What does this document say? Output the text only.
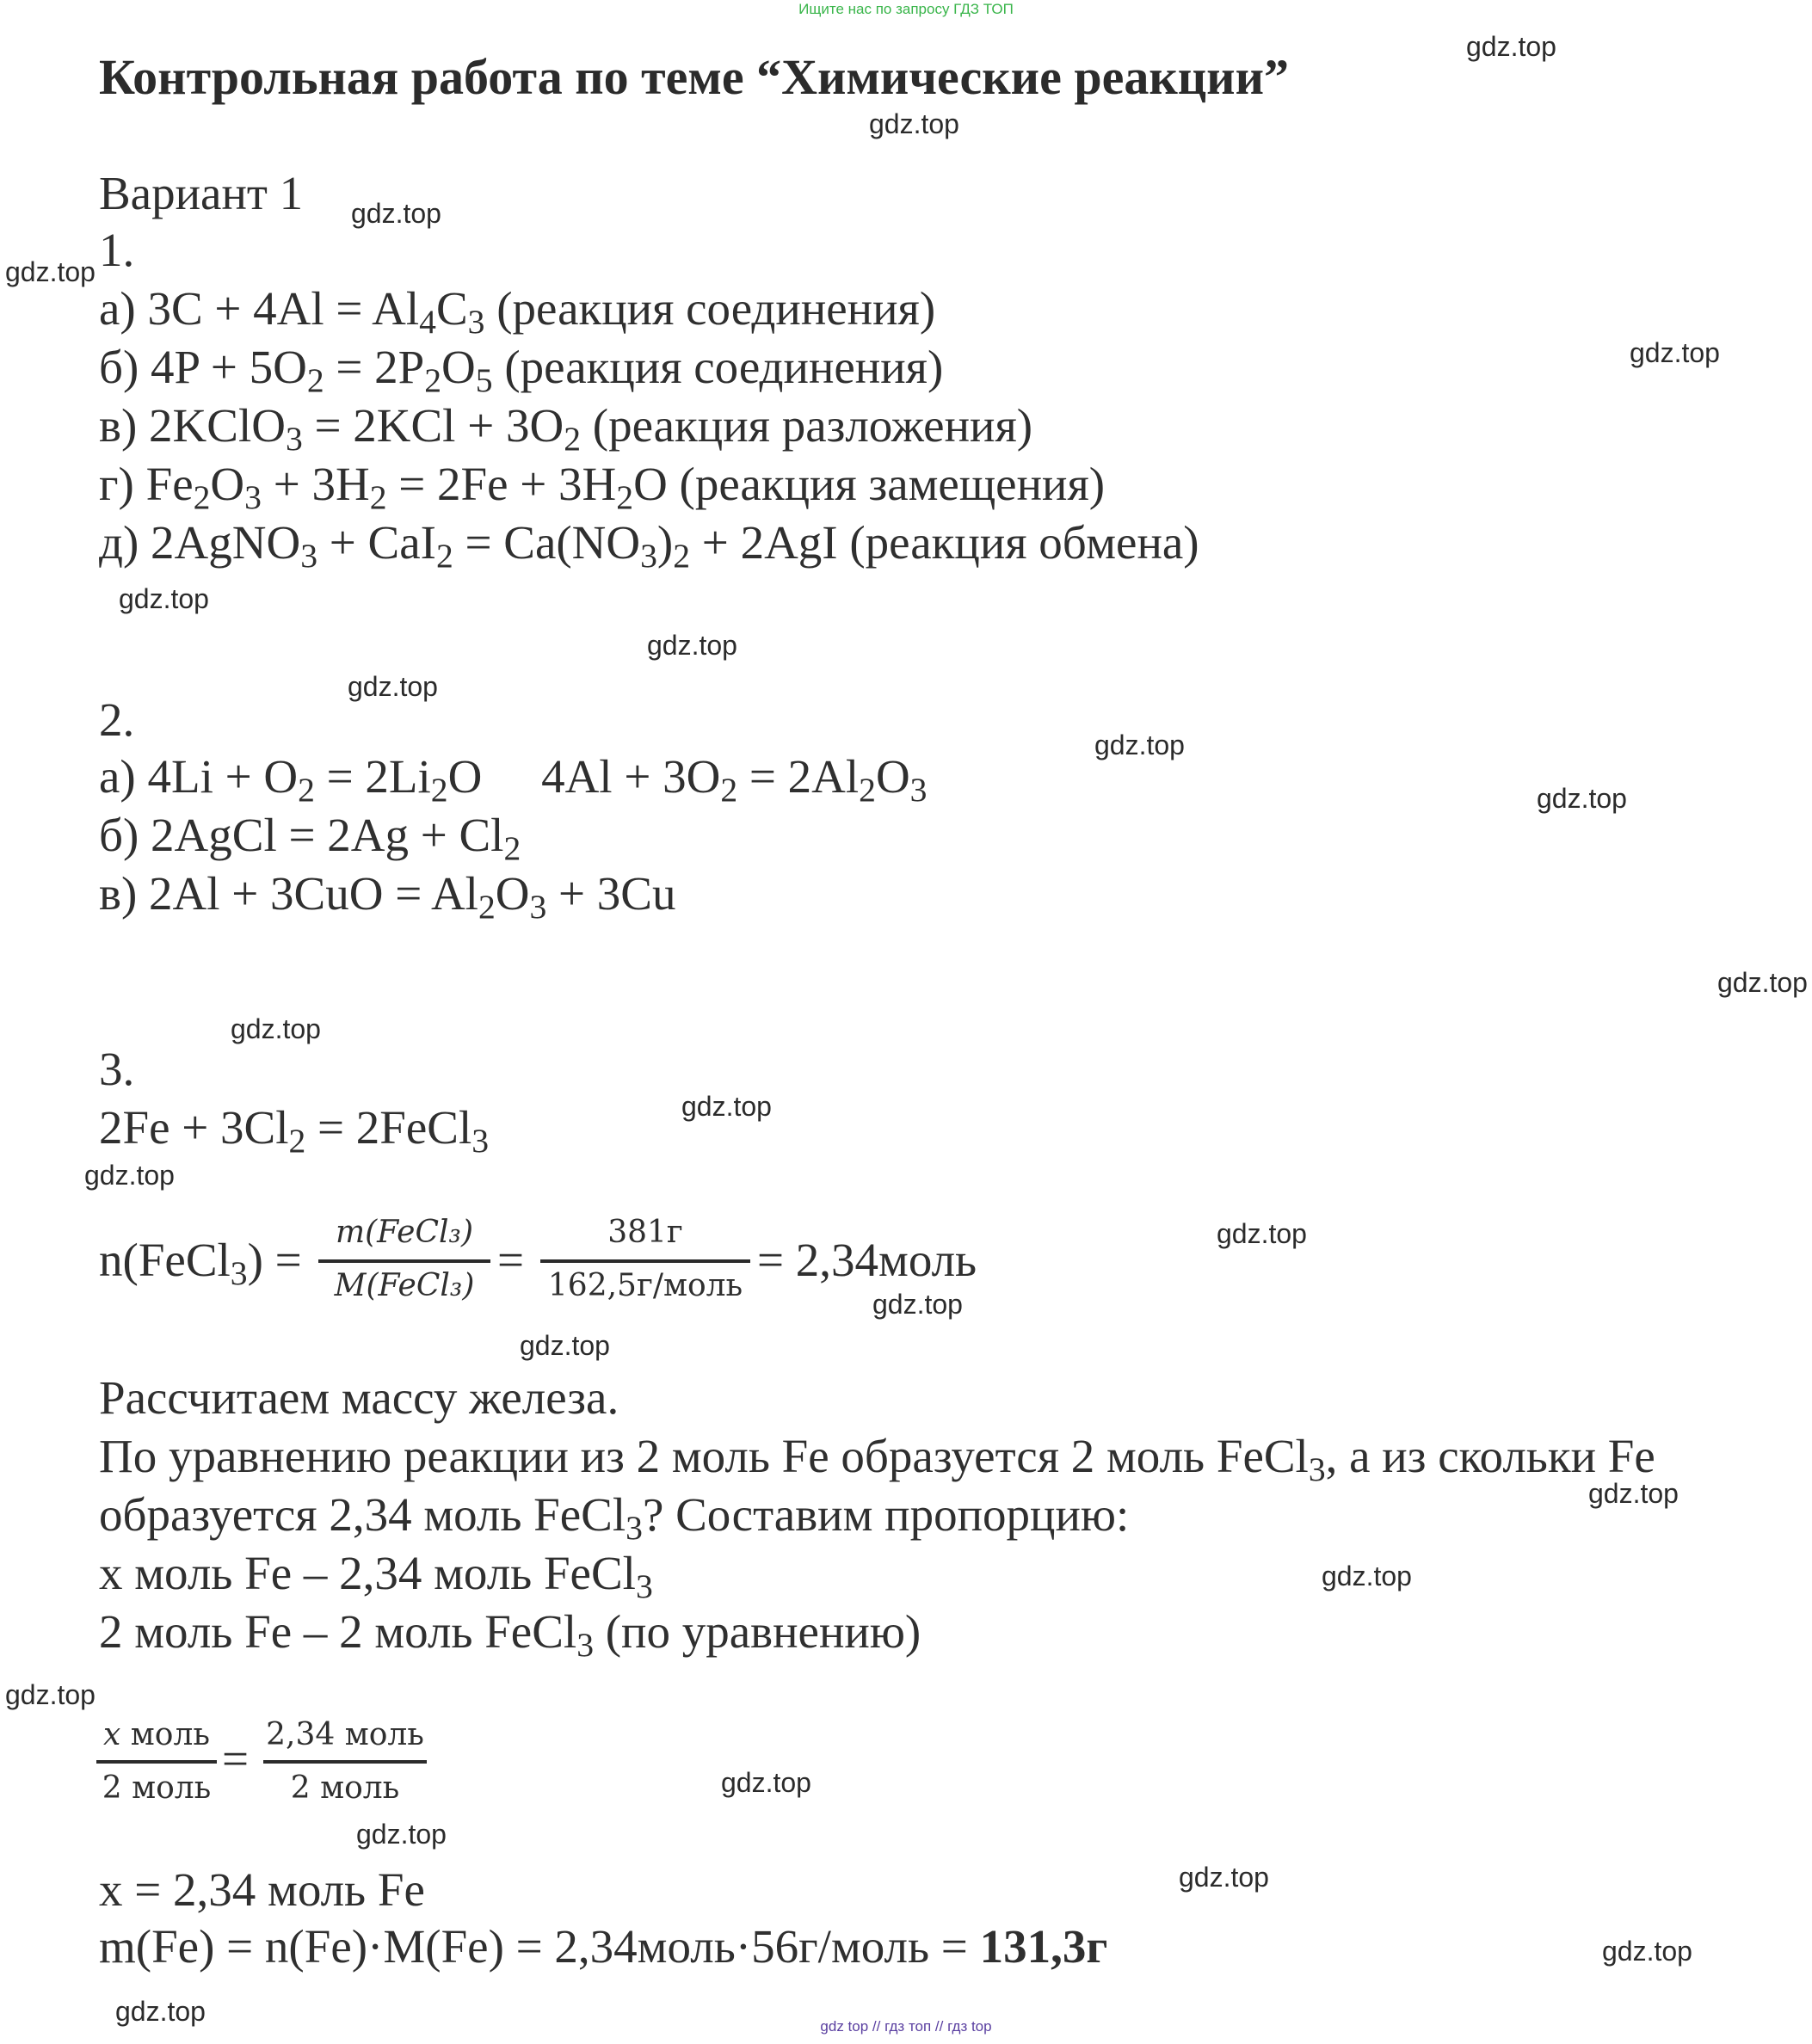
Ищите нас по запросу ГДЗ ТОП
Контрольная работа по теме “Химические реакции”
Вариант 1
1.
а) $3C + 4Al = Al_4C_3$ (реакция соединения)
б) $4P + 5O_2 = 2P_2O_5$ (реакция соединения)
в) 2KClO$_3$ = $2KCl + 3O_2$ (реакция разложения)
г) $Fe_2O_3 + 3H_2 = 2Fe + 3H_2O$ (реакция замещения)
д) 2AgNO$_3$ + $CaI_2 = Ca(NO_3)_2 + 2AgI$ (реакция обмена)
2.
а) $4Li + O_2 = 2Li_2O$     $4Al + 3O_2 = 2Al_2O_3$
б) 2AgCl = $2Ag + Cl_2$
в) $2Al + 3CuO = Al_2O_3 + 3Cu$
3.
$2Fe + 3Cl_2$ = 2FeCl$_3$
n(FeCl$_3$) =
m(FeCl₃)
M(FeCl₃) =
381г
162,5г/моль = 2,34моль
Рассчитаем массу железа.
По уравнению реакции из 2 моль Fe образуется 2 моль FeCl$_3$, а из скольки Fe
образуется 2,34 моль FeCl$_3$? Составим пропорцию:
x моль Fe – 2,34 моль FeCl$_3$
2 моль Fe – 2 моль FeCl$_3$ (по уравнению)
x моль
2 моль
= 2,34 моль
2 моль
x = 2,34 моль Fe
m(Fe) = n(Fe)·M(Fe) = 2,34моль·56г/моль = 131,3г
gdz.top
gdz.top
gdz.top
gdz.top
gdz.top
gdz.top
gdz.top
gdz.top
gdz.top
gdz.top
gdz.top
gdz.top
gdz.top
gdz.top
gdz.top
gdz.top
gdz.top
gdz.top
gdz.top
gdz.top
gdz.top
gdz.top
gdz.top
gdz.top
gdz.top	gdz top // гдз топ // гдз top
